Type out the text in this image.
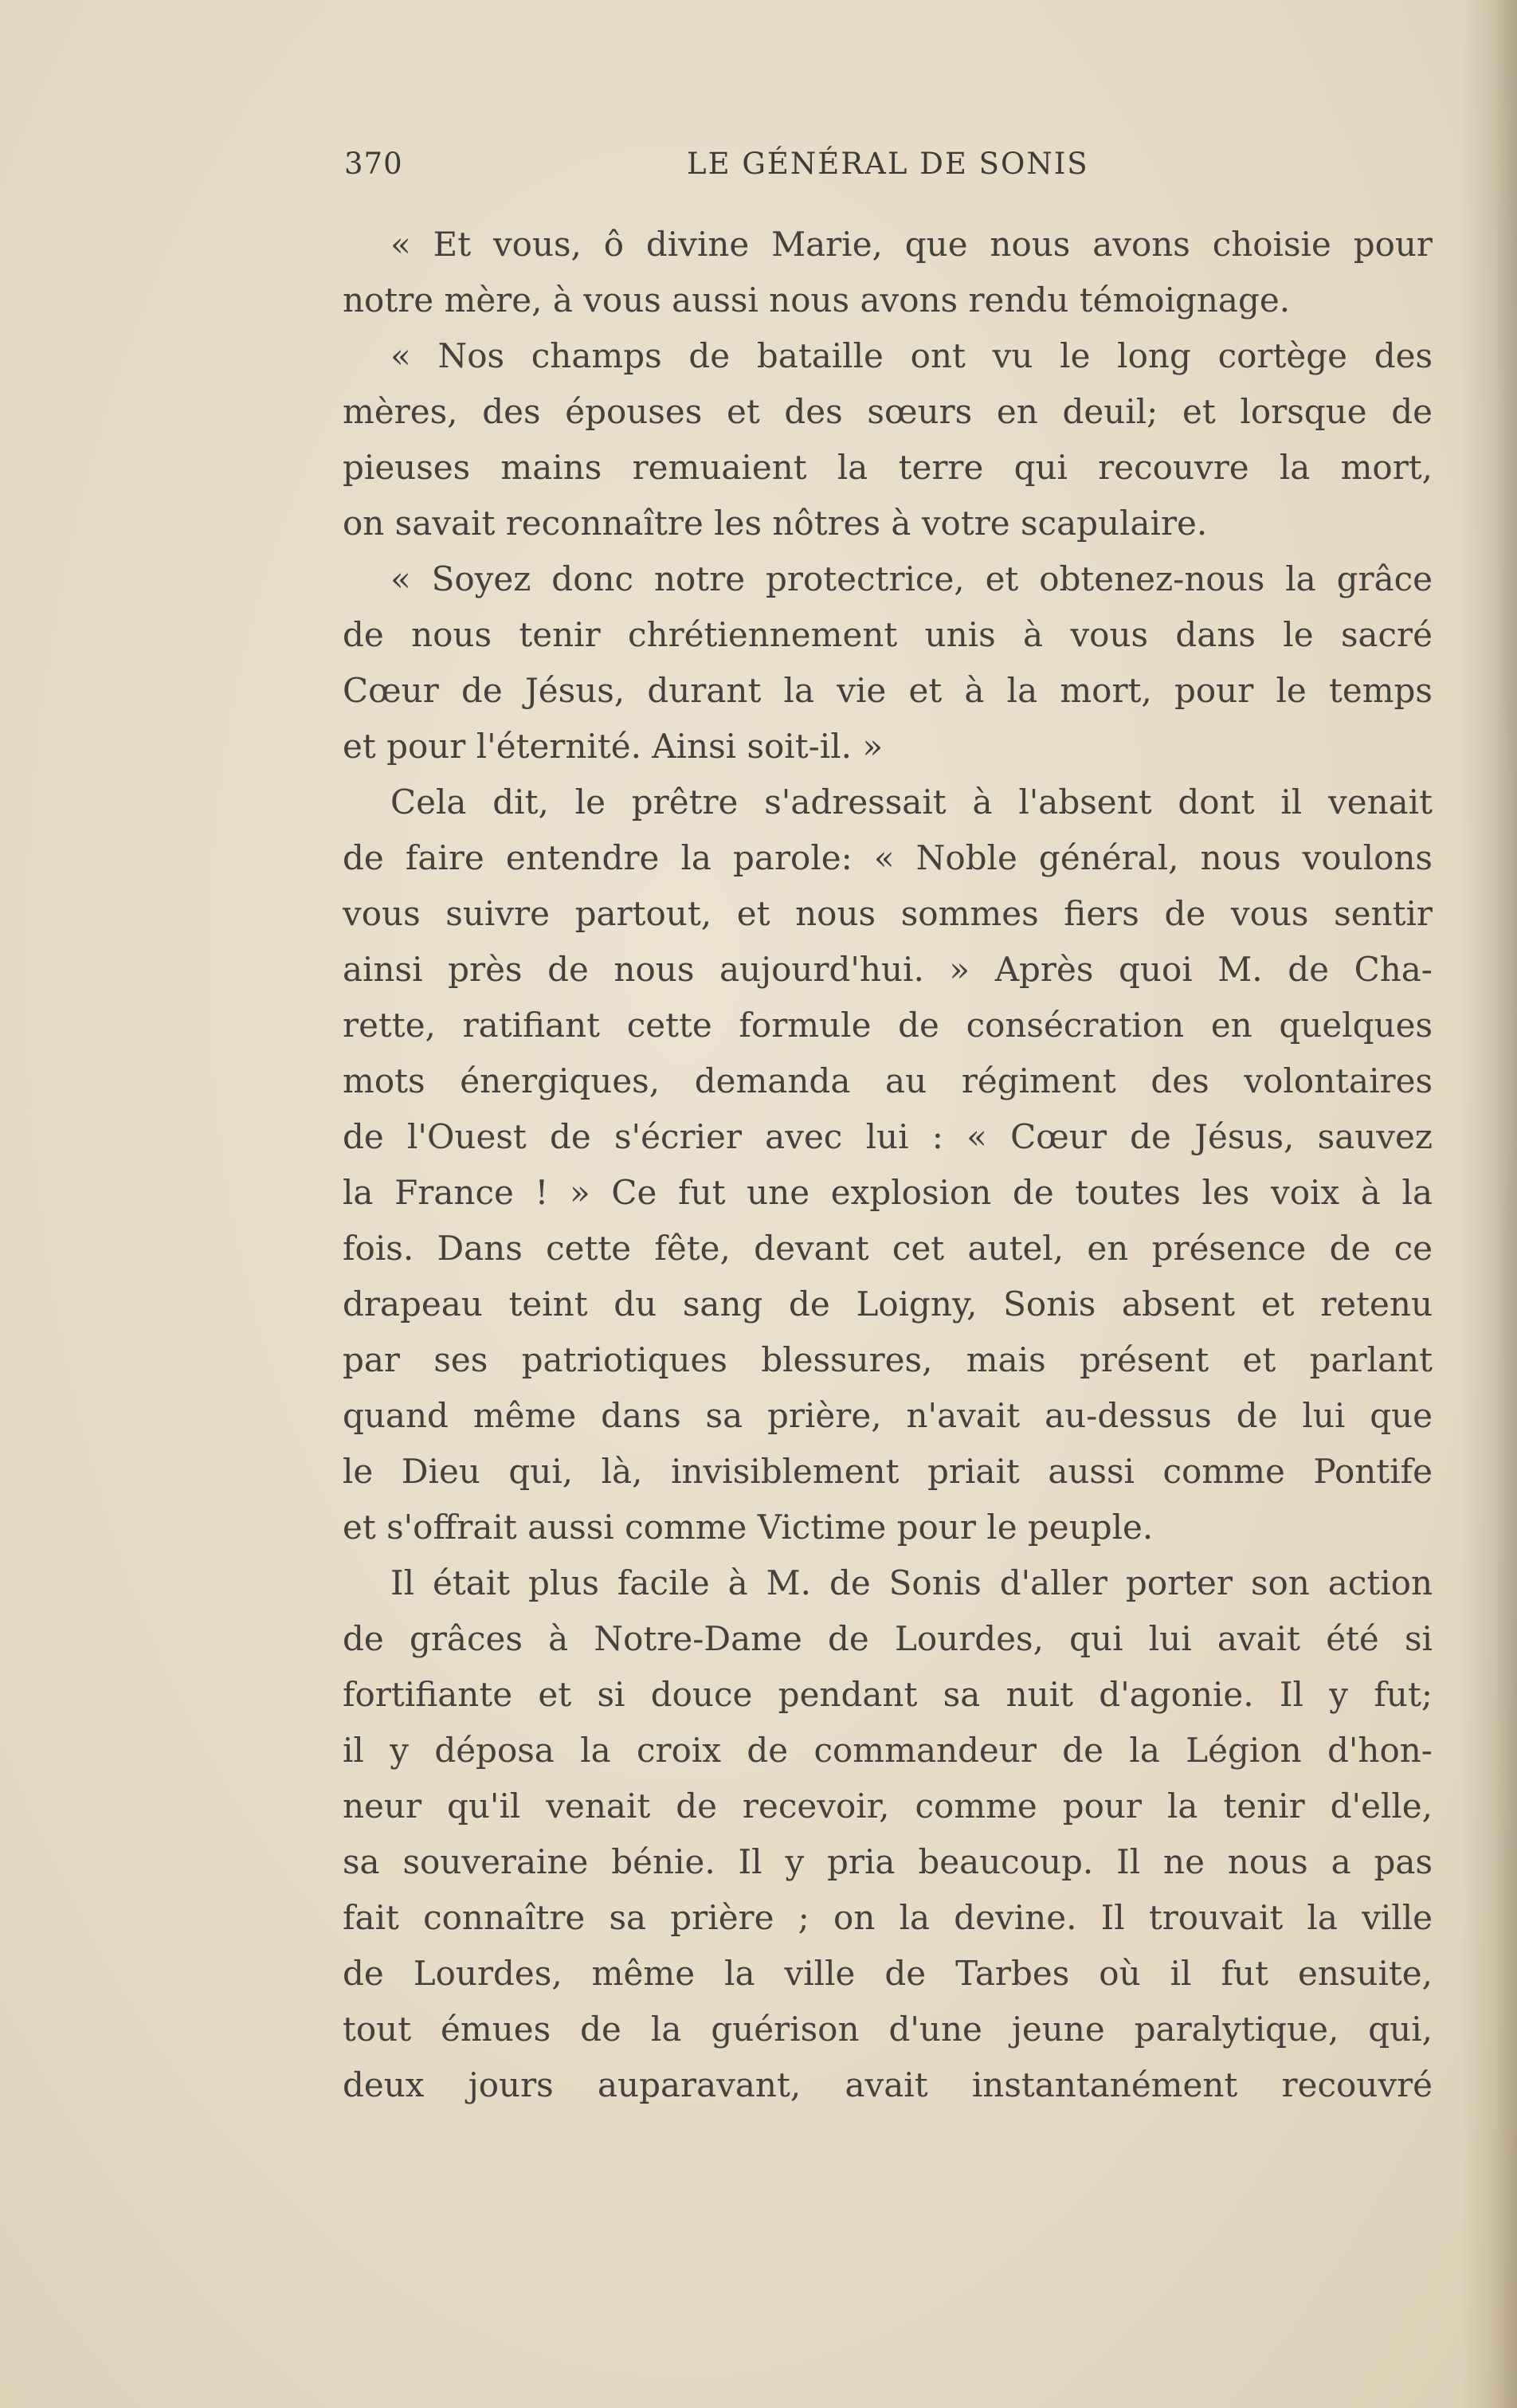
370	LE GÉNÉRAL DE SONIS
« Et vous, ô divine Marie, que nous avons choisie pour
notre mère, à vous aussi nous avons rendu témoignage.
« Nos champs de bataille ont vu le long cortège des
mères, des épouses et des sœurs en deuil; et lorsque de
pieuses mains remuaient la terre qui recouvre la mort,
on savait reconnaître les nôtres à votre scapulaire.
« Soyez donc notre protectrice, et obtenez-nous la grâce
de nous tenir chrétiennement unis à vous dans le sacré
Cœur de Jésus, durant la vie et à la mort, pour le temps
et pour l'éternité. Ainsi soit-il. »
Cela dit, le prêtre s'adressait à l'absent dont il venait
de faire entendre la parole: « Noble général, nous voulons
vous suivre partout, et nous sommes fiers de vous sentir
ainsi près de nous aujourd'hui. » Après quoi M. de Cha-
rette, ratifiant cette formule de consécration en quelques
mots énergiques, demanda au régiment des volontaires
de l'Ouest de s'écrier avec lui : « Cœur de Jésus, sauvez
la France ! » Ce fut une explosion de toutes les voix à la
fois. Dans cette fête, devant cet autel, en présence de ce
drapeau teint du sang de Loigny, Sonis absent et retenu
par ses patriotiques blessures, mais présent et parlant
quand même dans sa prière, n'avait au-dessus de lui que
le Dieu qui, là, invisiblement priait aussi comme Pontife
et s'offrait aussi comme Victime pour le peuple.
Il était plus facile à M. de Sonis d'aller porter son action
de grâces à Notre-Dame de Lourdes, qui lui avait été si
fortifiante et si douce pendant sa nuit d'agonie. Il y fut;
il y déposa la croix de commandeur de la Légion d'hon-
neur qu'il venait de recevoir, comme pour la tenir d'elle,
sa souveraine bénie. Il y pria beaucoup. Il ne nous a pas
fait connaître sa prière ; on la devine. Il trouvait la ville
de Lourdes, même la ville de Tarbes où il fut ensuite,
tout émues de la guérison d'une jeune paralytique, qui,
deux jours auparavant, avait instantanément recouvré
